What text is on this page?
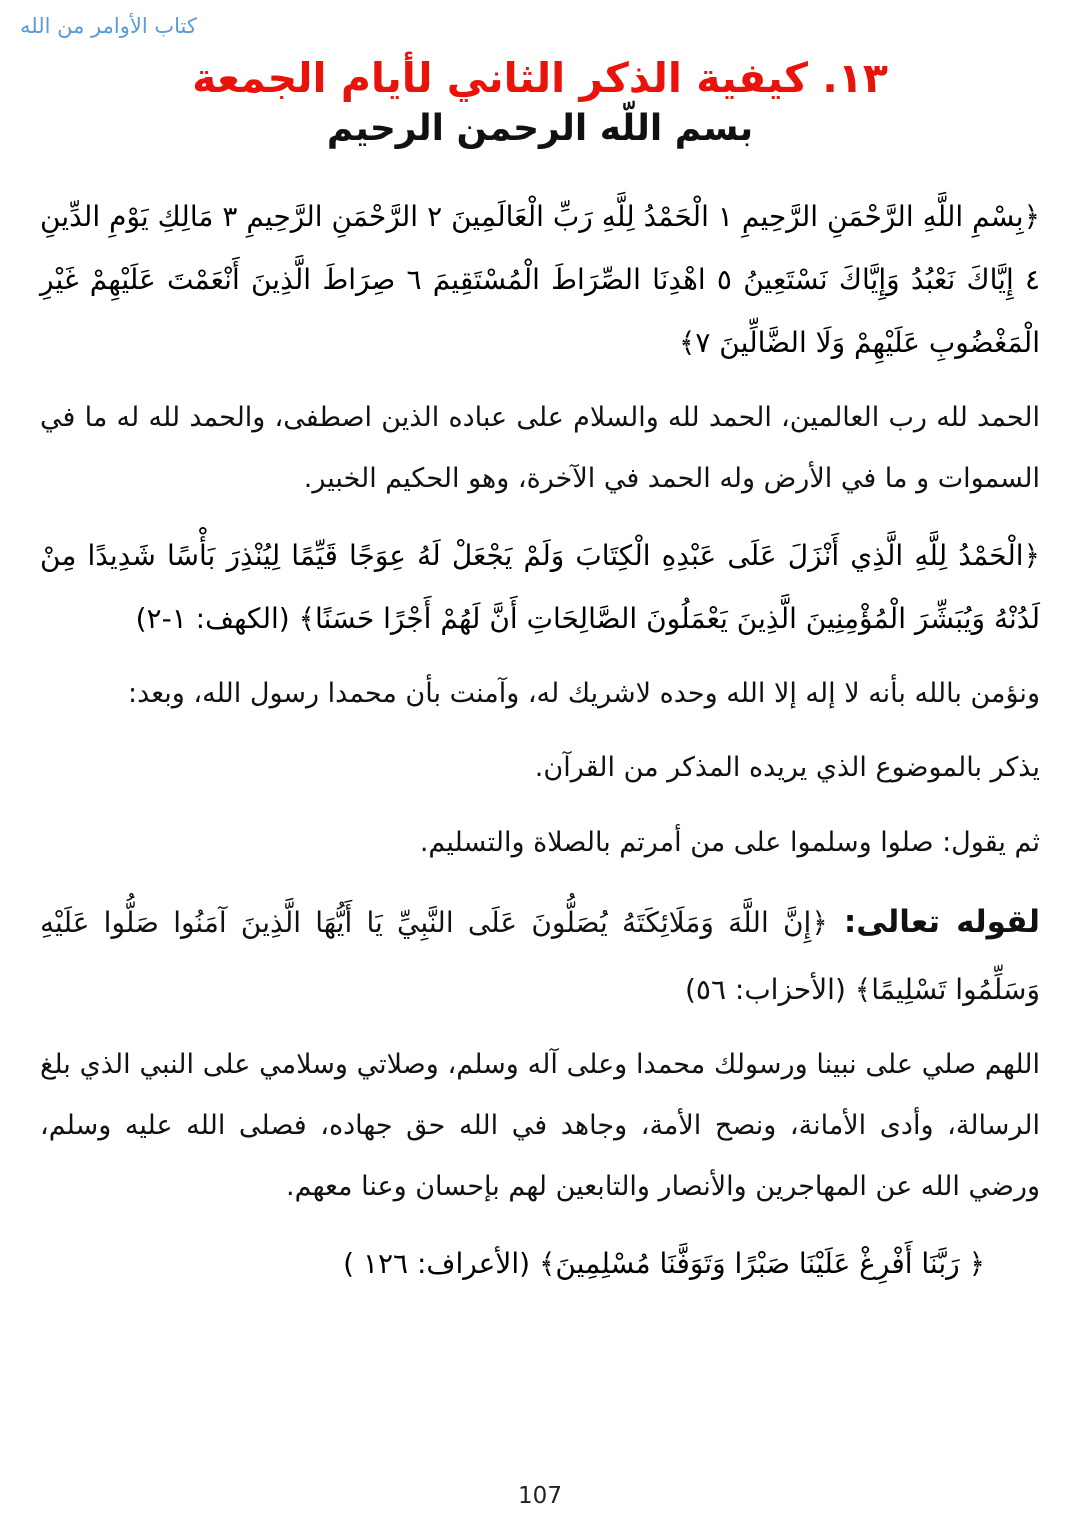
كتاب الأوامر من الله
١٣. كيفية الذكر الثاني لأيام الجمعة
بسم اللّه الرحمن الرحيم

﴿بِسْمِ اللَّهِ الرَّحْمَنِ الرَّحِيمِ ١ الْحَمْدُ لِلَّهِ رَبِّ الْعَالَمِينَ ٢ الرَّحْمَنِ الرَّحِيمِ ٣ مَالِكِ يَوْمِ الدِّينِ ٤ إِيَّاكَ نَعْبُدُ وَإِيَّاكَ نَسْتَعِينُ ٥ اهْدِنَا الصِّرَاطَ الْمُسْتَقِيمَ ٦ صِرَاطَ الَّذِينَ أَنْعَمْتَ عَلَيْهِمْ غَيْرِ الْمَغْضُوبِ عَلَيْهِمْ وَلَا الضَّالِّينَ ٧﴾

الحمد لله رب العالمين، الحمد لله والسلام على عباده الذين اصطفى، والحمد لله له ما في السموات و ما في الأرض وله الحمد في الآخرة، وهو الحكيم الخبير.

﴿الْحَمْدُ لِلَّهِ الَّذِي أَنْزَلَ عَلَى عَبْدِهِ الْكِتَابَ وَلَمْ يَجْعَلْ لَهُ عِوَجًا قَيِّمًا لِيُنْذِرَ بَأْسًا شَدِيدًا مِنْ لَدُنْهُ وَيُبَشِّرَ الْمُؤْمِنِينَ الَّذِينَ يَعْمَلُونَ الصَّالِحَاتِ أَنَّ لَهُمْ أَجْرًا حَسَنًا﴾ (الكهف: ١-٢)

ونؤمن بالله بأنه لا إله إلا الله وحده لاشريك له، وآمنت بأن محمدا رسول الله، وبعد:

يذكر بالموضوع الذي يريده المذكر من القرآن.

ثم يقول: صلوا وسلموا على من أمرتم بالصلاة والتسليم.

لقوله تعالى: ﴿إِنَّ اللَّهَ وَمَلَائِكَتَهُ يُصَلُّونَ عَلَى النَّبِيِّ يَا أَيُّهَا الَّذِينَ آمَنُوا صَلُّوا عَلَيْهِ وَسَلِّمُوا تَسْلِيمًا﴾ (الأحزاب: ٥٦)

اللهم صلي على نبينا ورسولك محمدا وعلى آله وسلم، وصلاتي وسلامي على النبي الذي بلغ الرسالة، وأدى الأمانة، ونصح الأمة، وجاهد في الله حق جهاده، فصلى الله عليه وسلم، ورضي الله عن المهاجرين والأنصار والتابعين لهم بإحسان وعنا معهم.

﴿ رَبَّنَا أَفْرِغْ عَلَيْنَا صَبْرًا وَتَوَفَّنَا مُسْلِمِينَ﴾ (الأعراف: ١٢٦ )

107
